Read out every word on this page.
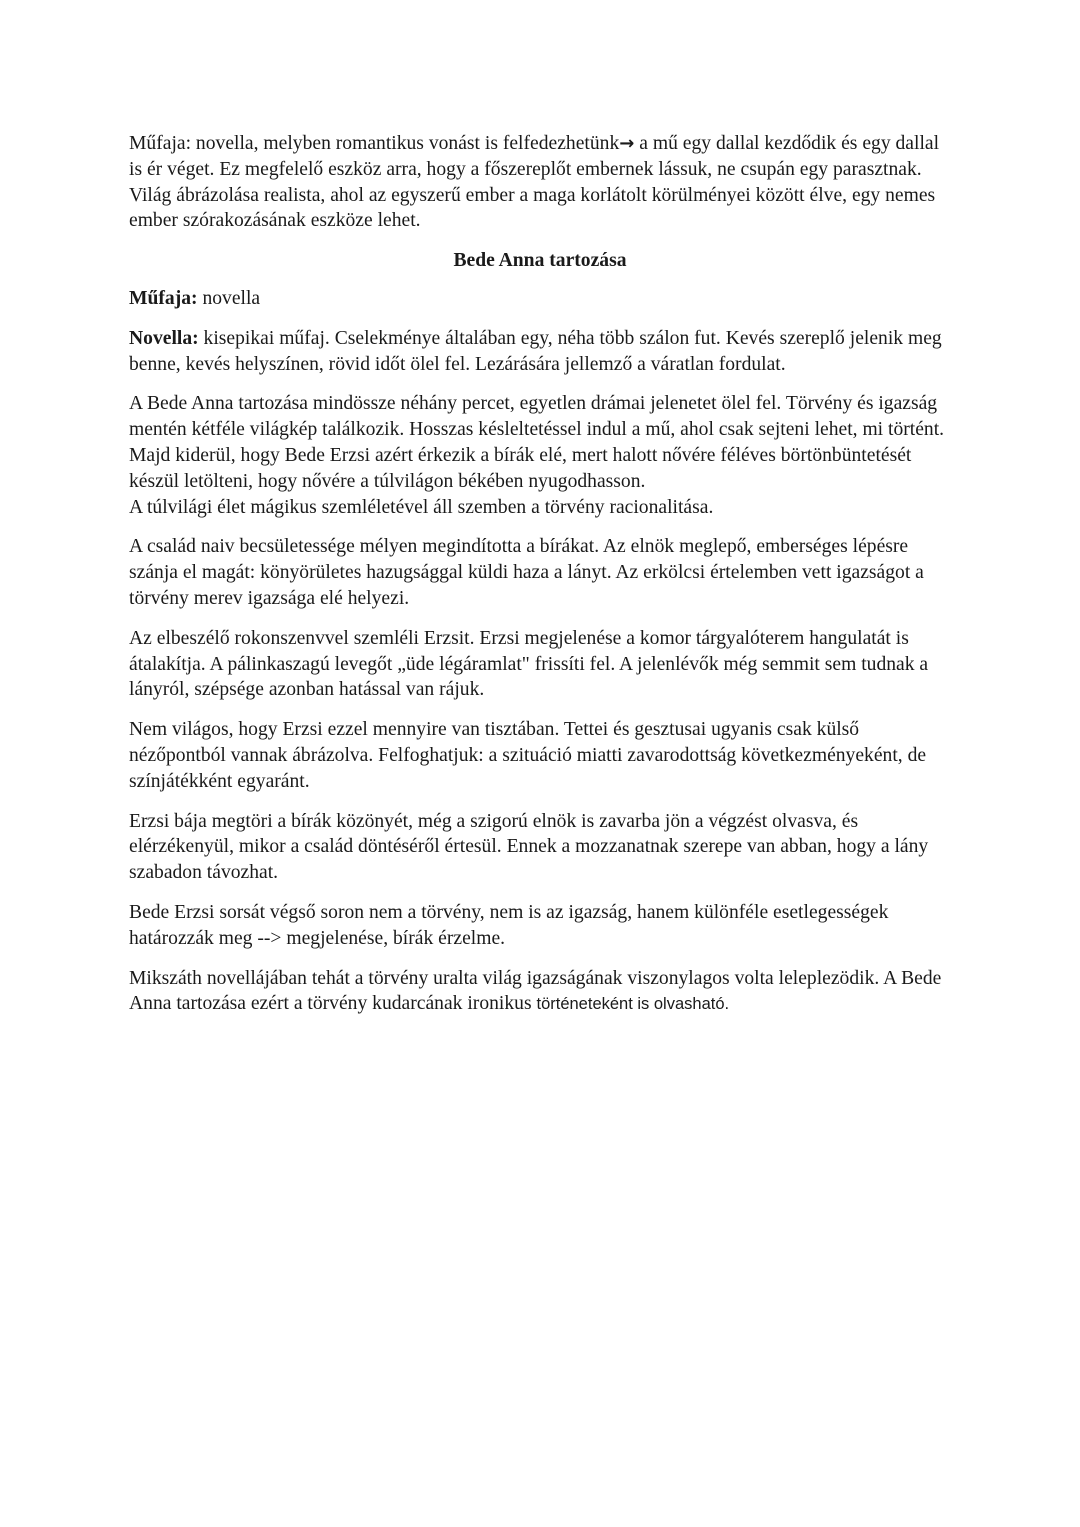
Műfaja: novella, melyben romantikus vonást is felfedezhetünk→ a mű egy dallal kezdődik és egy dallal is ér véget. Ez megfelelő eszköz arra, hogy a főszereplőt embernek lássuk, ne csupán egy parasztnak. Világ ábrázolása realista, ahol az egyszerű ember a maga korlátolt körülményei között élve, egy nemes ember szórakozásának eszköze lehet.

Bede Anna tartozása

Műfaja: novella

Novella: kisepikai műfaj. Cselekménye általában egy, néha több szálon fut. Kevés szereplő jelenik meg benne, kevés helyszínen, rövid időt ölel fel. Lezárására jellemző a váratlan fordulat.

A Bede Anna tartozása mindössze néhány percet, egyetlen drámai jelenetet ölel fel. Törvény és igazság mentén kétféle világkép találkozik. Hosszas késleltetéssel indul a mű, ahol csak sejteni lehet, mi történt. Majd kiderül, hogy Bede Erzsi azért érkezik a bírák elé, mert halott nővére féléves börtönbüntetését készül letölteni, hogy nővére a túlvilágon békében nyugodhasson.

A túlvilági élet mágikus szemléletével áll szemben a törvény racionalitása.

A család naiv becsületessége mélyen megindította a bírákat. Az elnök meglepő, emberséges lépésre szánja el magát: könyörületes hazugsággal küldi haza a lányt. Az erkölcsi értelemben vett igazságot a törvény merev igazsága elé helyezi.

Az elbeszélő rokonszenvvel szemléli Erzsit. Erzsi megjelenése a komor tárgyalóterem hangulatát is átalakítja. A pálinkaszagú levegőt „üde légáramlat" frissíti fel. A jelenlévők még semmit sem tudnak a lányról, szépsége azonban hatással van rájuk.

Nem világos, hogy Erzsi ezzel mennyire van tisztában. Tettei és gesztusai ugyanis csak külső nézőpontból vannak ábrázolva. Felfoghatjuk: a szituáció miatti zavarodottság következményeként, de színjátékként egyaránt.

Erzsi bája megtöri a bírák közönyét, még a szigorú elnök is zavarba jön a végzést olvasva, és elérzékenyül, mikor a család döntéséről értesül. Ennek a mozzanatnak szerepe van abban, hogy a lány szabadon távozhat.

Bede Erzsi sorsát végső soron nem a törvény, nem is az igazság, hanem különféle esetlegességek határozzák meg --> megjelenése, bírák érzelme.

Mikszáth novellájában tehát a törvény uralta világ igazságának viszonylagos volta leleplezödik. A Bede Anna tartozása ezért a törvény kudarcának ironikus történeteként is olvasható.
